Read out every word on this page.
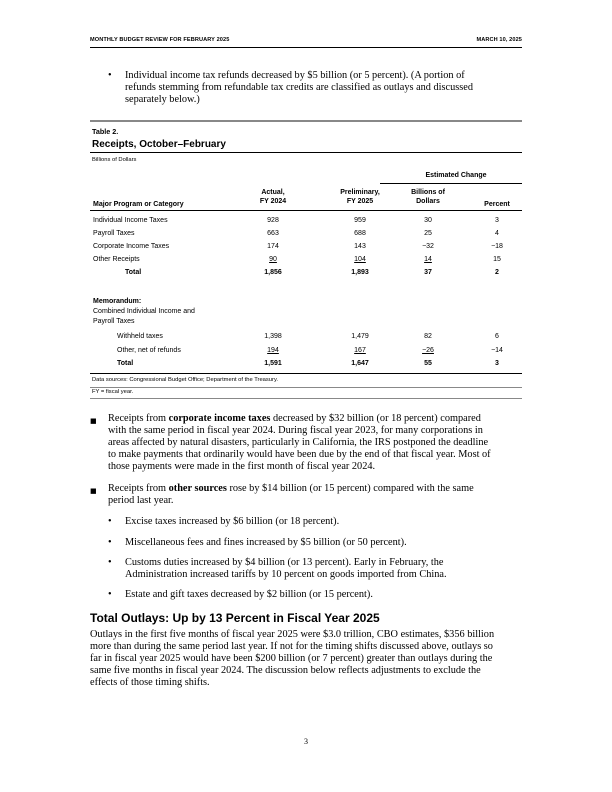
MONTHLY BUDGET REVIEW FOR FEBRUARY 2025	MARCH 10, 2025
• Individual income tax refunds decreased by $5 billion (or 5 percent). (A portion of
refunds stemming from refundable tax credits are classified as outlays and discussed
separately below.)
Table 2.
Receipts, October–February
Billions of Dollars
Estimated Change
Major Program or Category
Actual,
FY 2024
Preliminary,
FY 2025
Billions of
Dollars	Percent
Individual Income Taxes	928	959	30	3
Payroll Taxes	663	688	25	4
Corporate Income Taxes	174	143	−32	−18
Other Receipts	90	104	14	15
Total	1,856	1,893	37	2
Memorandum:
Combined Individual Income and
Payroll Taxes
Withheld taxes	1,398	1,479	82	6
Other, net of refunds	194	167	−26	−14
Total	1,591	1,647	55	3
Data sources: Congressional Budget Office; Department of the Treasury.
FY = fiscal year.
■ Receipts from corporate income taxes decreased by $32 billion (or 18 percent) compared
with the same period in fiscal year 2024. During fiscal year 2023, for many corporations in
areas affected by natural disasters, particularly in California, the IRS postponed the deadline
to make payments that ordinarily would have been due by the end of that fiscal year. Most of
those payments were made in the first month of fiscal year 2024.
■ Receipts from other sources rose by $14 billion (or 15 percent) compared with the same
period last year.
• Excise taxes increased by $6 billion (or 18 percent).
• Miscellaneous fees and fines increased by $5 billion (or 50 percent).
• Customs duties increased by $4 billion (or 13 percent). Early in February, the
Administration increased tariffs by 10 percent on goods imported from China.
• Estate and gift taxes decreased by $2 billion (or 15 percent).
Total Outlays: Up by 13 Percent in Fiscal Year 2025
Outlays in the first five months of fiscal year 2025 were $3.0 trillion, CBO estimates, $356 billion
more than during the same period last year. If not for the timing shifts discussed above, outlays so
far in fiscal year 2025 would have been $200 billion (or 7 percent) greater than outlays during the
same five months in fiscal year 2024. The discussion below reflects adjustments to exclude the
effects of those timing shifts.
3
